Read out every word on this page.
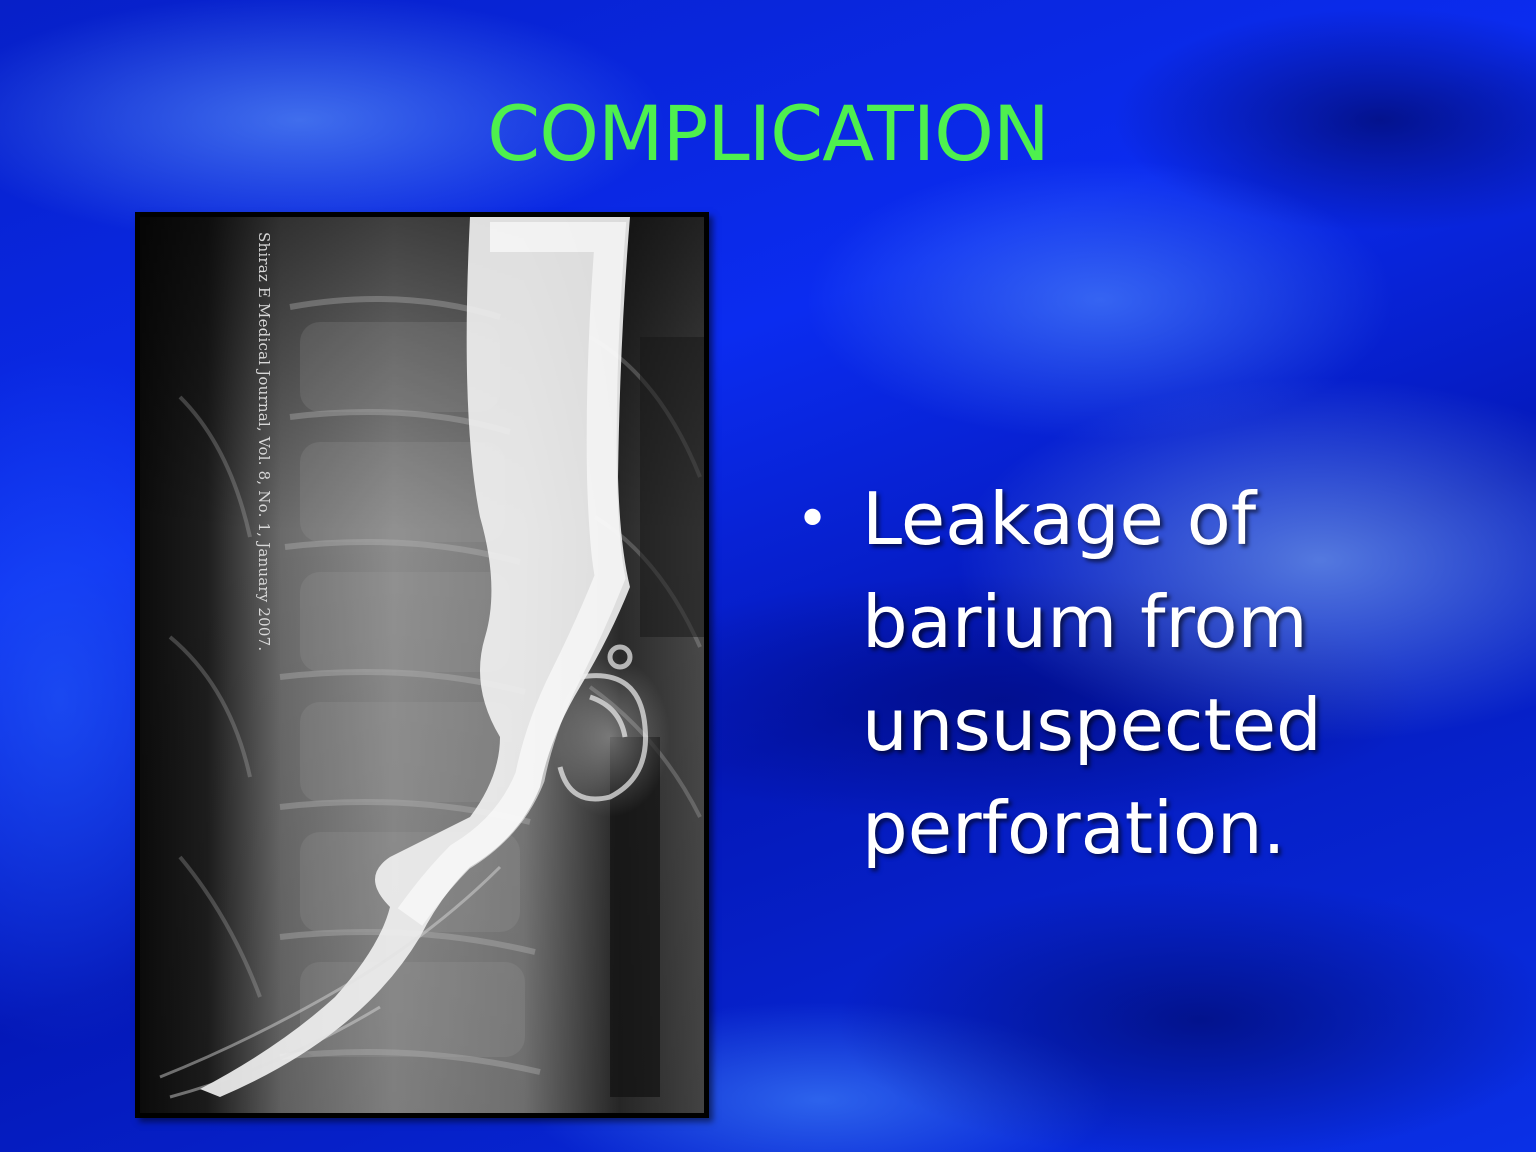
COMPLICATION
Shiraz E Medical Journal, Vol. 8, No. 1, January 2007.	• Leakage of barium from unsuspected perforation.
